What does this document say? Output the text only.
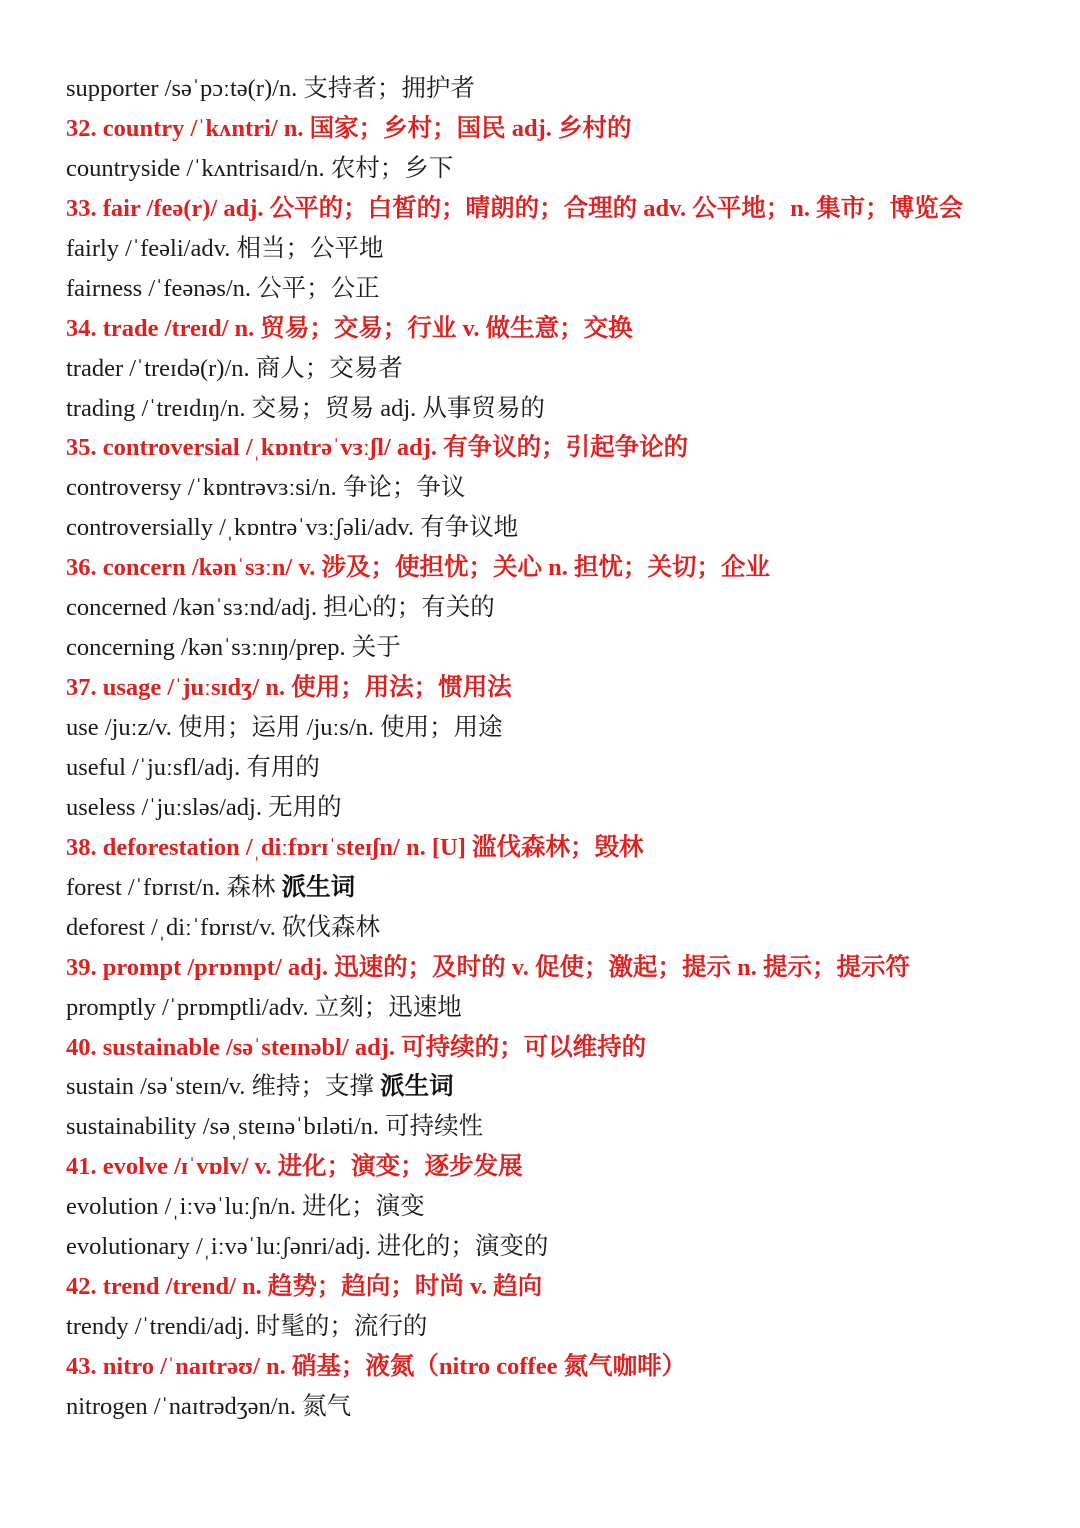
supporter /səˈpɔːtə(r)/n. 支持者；拥护者
32. country /ˈkʌntri/ n. 国家；乡村；国民 adj. 乡村的
countryside /ˈkʌntrisaɪd/n. 农村；乡下
33. fair /feə(r)/ adj. 公平的；白皙的；晴朗的；合理的 adv. 公平地；n. 集市；博览会
fairly /ˈfeəli/adv. 相当；公平地
fairness /ˈfeənəs/n. 公平；公正
34. trade /treɪd/ n. 贸易；交易；行业 v. 做生意；交换
trader /ˈtreɪdə(r)/n. 商人；交易者
trading /ˈtreɪdɪŋ/n. 交易；贸易 adj. 从事贸易的
35. controversial /ˌkɒntrəˈvɜːʃl/ adj. 有争议的；引起争论的
controversy /ˈkɒntrəvɜːsi/n. 争论；争议
controversially /ˌkɒntrəˈvɜːʃəli/adv. 有争议地
36. concern /kənˈsɜːn/ v. 涉及；使担忧；关心 n. 担忧；关切；企业
concerned /kənˈsɜːnd/adj. 担心的；有关的
concerning /kənˈsɜːnɪŋ/prep. 关于
37. usage /ˈjuːsɪdʒ/ n. 使用；用法；惯用法
use /juːz/v. 使用；运用 /juːs/n. 使用；用途
useful /ˈjuːsfl/adj. 有用的
useless /ˈjuːsləs/adj. 无用的
38. deforestation /ˌdiːfɒrɪˈsteɪʃn/ n. [U] 滥伐森林；毁林
forest /ˈfɒrɪst/n. 森林 派生词
deforest /ˌdiːˈfɒrɪst/v. 砍伐森林
39. prompt /prɒmpt/ adj. 迅速的；及时的 v. 促使；激起；提示 n. 提示；提示符
promptly /ˈprɒmptli/adv. 立刻；迅速地
40. sustainable /səˈsteɪnəbl/ adj. 可持续的；可以维持的
sustain /səˈsteɪn/v. 维持；支撑 派生词
sustainability /səˌsteɪnəˈbɪləti/n. 可持续性
41. evolve /ɪˈvɒlv/ v. 进化；演变；逐步发展
evolution /ˌiːvəˈluːʃn/n. 进化；演变
evolutionary /ˌiːvəˈluːʃənri/adj. 进化的；演变的
42. trend /trend/ n. 趋势；趋向；时尚 v. 趋向
trendy /ˈtrendi/adj. 时髦的；流行的
43. nitro /ˈnaɪtrəʊ/ n. 硝基；液氮（nitro coffee 氮气咖啡）
nitrogen /ˈnaɪtrədʒən/n. 氮气
